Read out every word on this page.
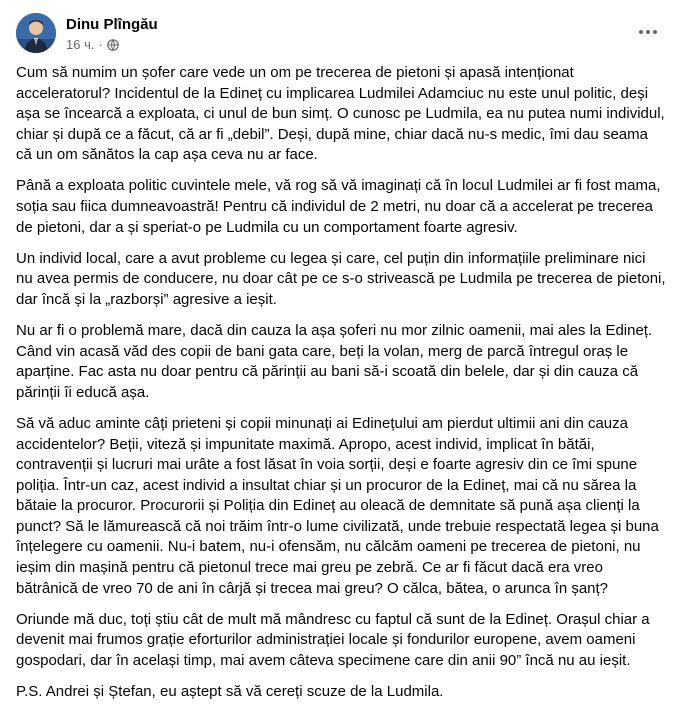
Dinu Plîngău
16 ч. ·

Cum să numim un șofer care vede un om pe trecerea de pietoni și apasă intenționat acceleratorul? Incidentul de la Edineț cu implicarea Ludmilei Adamciuc nu este unul politic, deși așa se încearcă a exploata, ci unul de bun simț. O cunosc pe Ludmila, ea nu putea numi individul, chiar și după ce a făcut, că ar fi „debil”. Deși, după mine, chiar dacă nu-s medic, îmi dau seama că un om sănătos la cap așa ceva nu ar face.

Până a exploata politic cuvintele mele, vă rog să vă imaginați că în locul Ludmilei ar fi fost mama, soția sau fiica dumneavoastră! Pentru că individul de 2 metri, nu doar că a accelerat pe trecerea de pietoni, dar a și speriat-o pe Ludmila cu un comportament foarte agresiv.

Un individ local, care a avut probleme cu legea și care, cel puțin din informațiile preliminare nici nu avea permis de conducere, nu doar cât pe ce s-o strivească pe Ludmila pe trecerea de pietoni, dar încă și la „razborși” agresive a ieșit.

Nu ar fi o problemă mare, dacă din cauza la așa șoferi nu mor zilnic oamenii, mai ales la Edineț. Când vin acasă văd des copii de bani gata care, beți la volan, merg de parcă întregul oraș le aparține. Fac asta nu doar pentru că părinții au bani să-i scoată din belele, dar și din cauza că părinții îi educă așa.

Să vă aduc aminte câți prieteni și copii minunați ai Edinețului am pierdut ultimii ani din cauza accidentelor? Beții, viteză și impunitate maximă. Apropo, acest individ, implicat în bătăi, contravenții și lucruri mai urâte a fost lăsat în voia sorții, deși e foarte agresiv din ce îmi spune poliția. Într-un caz, acest individ a insultat chiar și un procuror de la Edineț, mai că nu sărea la bătaie la procuror. Procurorii și Poliția din Edineț au oleacă de demnitate să pună așa clienți la punct? Să le lămurească că noi trăim într-o lume civilizată, unde trebuie respectată legea și buna înțelegere cu oamenii. Nu-i batem, nu-i ofensăm, nu călcăm oameni pe trecerea de pietoni, nu ieșim din mașină pentru că pietonul trece mai greu pe zebră. Ce ar fi făcut dacă era vreo bătrânică de vreo 70 de ani în cârjă și trecea mai greu? O călca, bătea, o arunca în șanț?

Oriunde mă duc, toți știu cât de mult mă mândresc cu faptul că sunt de la Edineț. Orașul chiar a devenit mai frumos grație eforturilor administrației locale și fondurilor europene, avem oameni gospodari, dar în același timp, mai avem câteva specimene care din anii 90” încă nu au ieșit.

P.S. Andrei și Ștefan, eu aștept să vă cereți scuze de la Ludmila.
